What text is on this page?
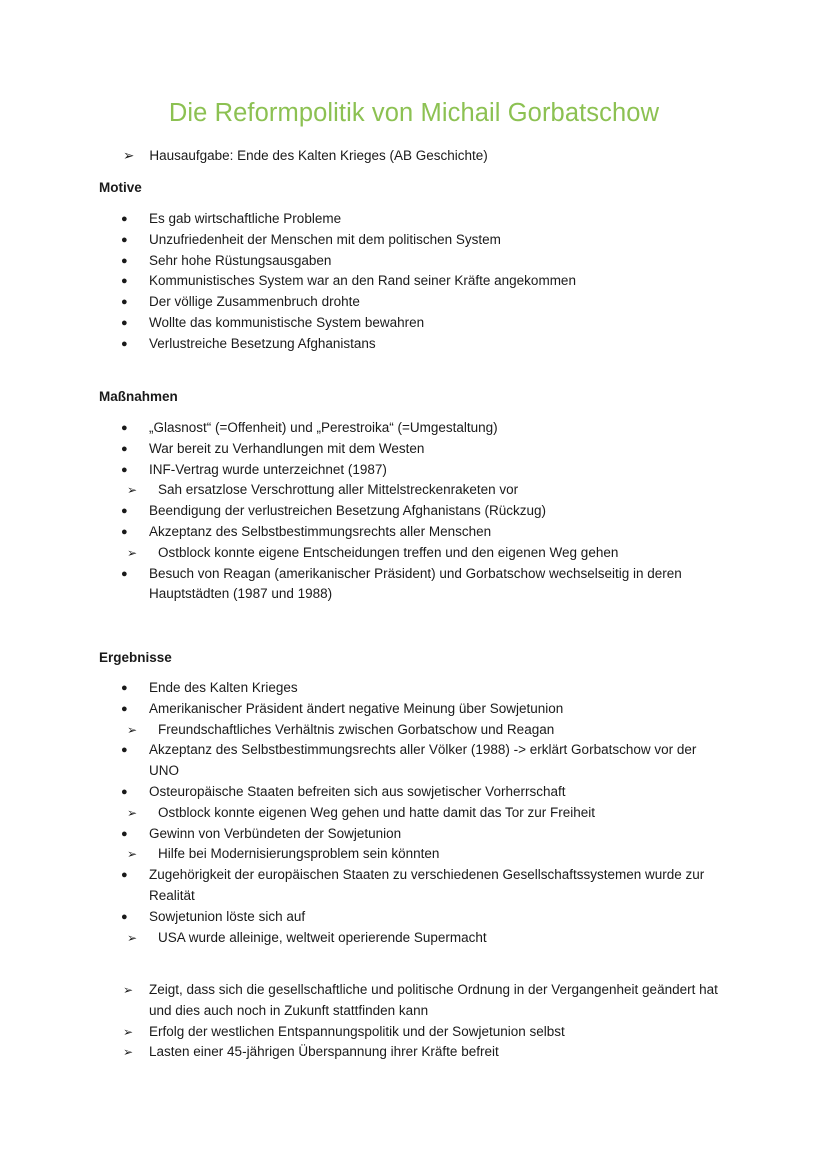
Die Reformpolitik von Michail Gorbatschow
➢ Hausaufgabe: Ende des Kalten Krieges (AB Geschichte)
Motive
●	Es gab wirtschaftliche Probleme
●	Unzufriedenheit der Menschen mit dem politischen System
●	Sehr hohe Rüstungsausgaben
●	Kommunistisches System war an den Rand seiner Kräfte angekommen
●	Der völlige Zusammenbruch drohte
●	Wollte das kommunistische System bewahren
●	Verlustreiche Besetzung Afghanistans
Maßnahmen
●	„Glasnost“ (=Offenheit) und „Perestroika“ (=Umgestaltung)
●	War bereit zu Verhandlungen mit dem Westen
●	INF-Vertrag wurde unterzeichnet (1987)
➢	Sah ersatzlose Verschrottung aller Mittelstreckenraketen vor
●	Beendigung der verlustreichen Besetzung Afghanistans (Rückzug)
●	Akzeptanz des Selbstbestimmungsrechts aller Menschen
➢	Ostblock konnte eigene Entscheidungen treffen und den eigenen Weg gehen
●	Besuch von Reagan (amerikanischer Präsident) und Gorbatschow wechselseitig in deren Hauptstädten (1987 und 1988)
Ergebnisse
●	Ende des Kalten Krieges
●	Amerikanischer Präsident ändert negative Meinung über Sowjetunion
➢	Freundschaftliches Verhältnis zwischen Gorbatschow und Reagan
●	Akzeptanz des Selbstbestimmungsrechts aller Völker (1988) -> erklärt Gorbatschow vor der UNO
●	Osteuropäische Staaten befreiten sich aus sowjetischer Vorherrschaft
➢	Ostblock konnte eigenen Weg gehen und hatte damit das Tor zur Freiheit
●	Gewinn von Verbündeten der Sowjetunion
➢	Hilfe bei Modernisierungsproblem sein könnten
●	Zugehörigkeit der europäischen Staaten zu verschiedenen Gesellschaftssystemen wurde zur Realität
●	Sowjetunion löste sich auf
➢	USA wurde alleinige, weltweit operierende Supermacht
➢	Zeigt, dass sich die gesellschaftliche und politische Ordnung in der Vergangenheit geändert hat und dies auch noch in Zukunft stattfinden kann
➢	Erfolg der westlichen Entspannungspolitik und der Sowjetunion selbst
➢	Lasten einer 45-jährigen Überspannung ihrer Kräfte befreit
